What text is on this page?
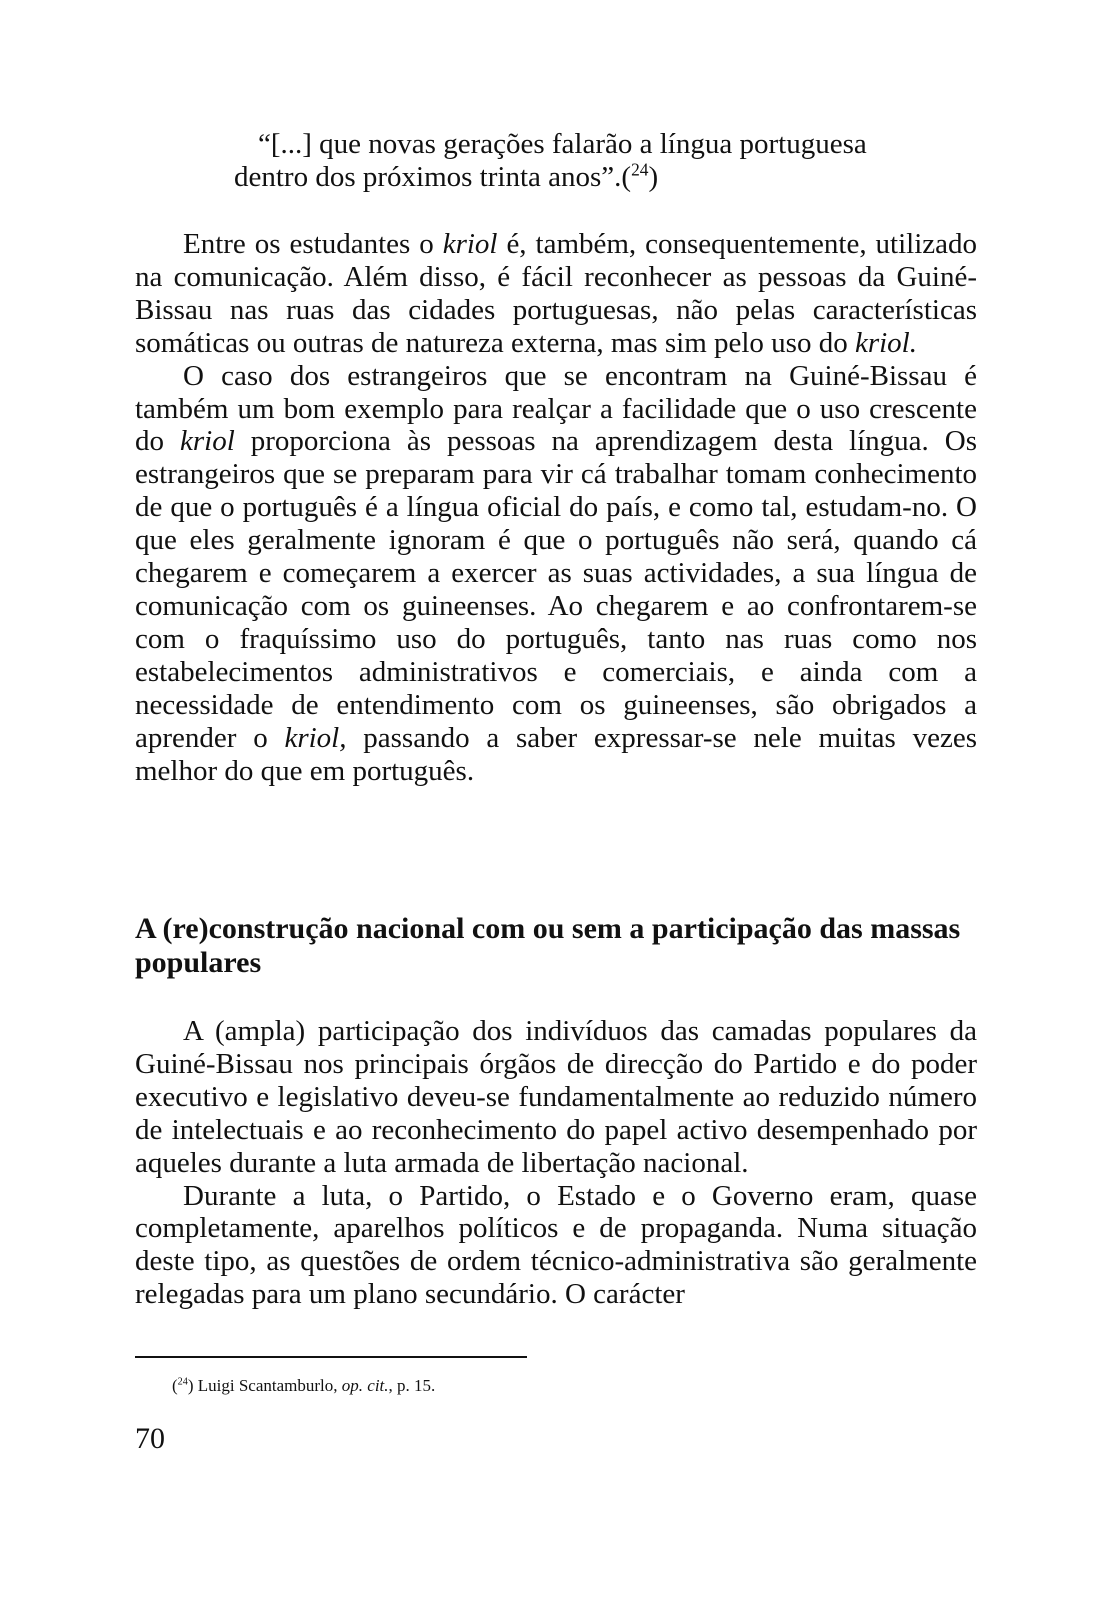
“[...] que novas gerações falarão a língua portuguesa

dentro dos próximos trinta anos”.($^{24}$)

Entre os estudantes o kriol é, também, consequentemente, utilizado na comunicação. Além disso, é fácil reconhecer as pessoas da Guiné-Bissau nas ruas das cidades portuguesas, não pelas características somáticas ou outras de natureza externa, mas sim pelo uso do kriol.

O caso dos estrangeiros que se encontram na Guiné-Bissau é também um bom exemplo para realçar a facilidade que o uso crescente do kriol proporciona às pessoas na aprendizagem desta língua. Os estrangeiros que se preparam para vir cá trabalhar tomam conhecimento de que o português é a língua oficial do país, e como tal, estudam-no. O que eles geralmente ignoram é que o português não será, quando cá chegarem e começarem a exercer as suas actividades, a sua língua de comunicação com os guineenses. Ao chegarem e ao confrontarem-se com o fraquíssimo uso do português, tanto nas ruas como nos estabelecimentos administrativos e comerciais, e ainda com a necessidade de entendimento com os guineenses, são obrigados a aprender o kriol, passando a saber expressar-se nele muitas vezes melhor do que em português.

A (re)construção nacional com ou sem a participação das massas populares

A (ampla) participação dos indivíduos das camadas populares da Guiné-Bissau nos principais órgãos de direcção do Partido e do poder executivo e legislativo deveu-se fundamentalmente ao reduzido número de intelectuais e ao reconhecimento do papel activo desempenhado por aqueles durante a luta armada de libertação nacional.

Durante a luta, o Partido, o Estado e o Governo eram, quase completamente, aparelhos políticos e de propaganda. Numa situação deste tipo, as questões de ordem técnico-administrativa são geralmente relegadas para um plano secundário. O carácter

($^{24}$) Luigi Scantamburlo, op. cit., p. 15.

70
